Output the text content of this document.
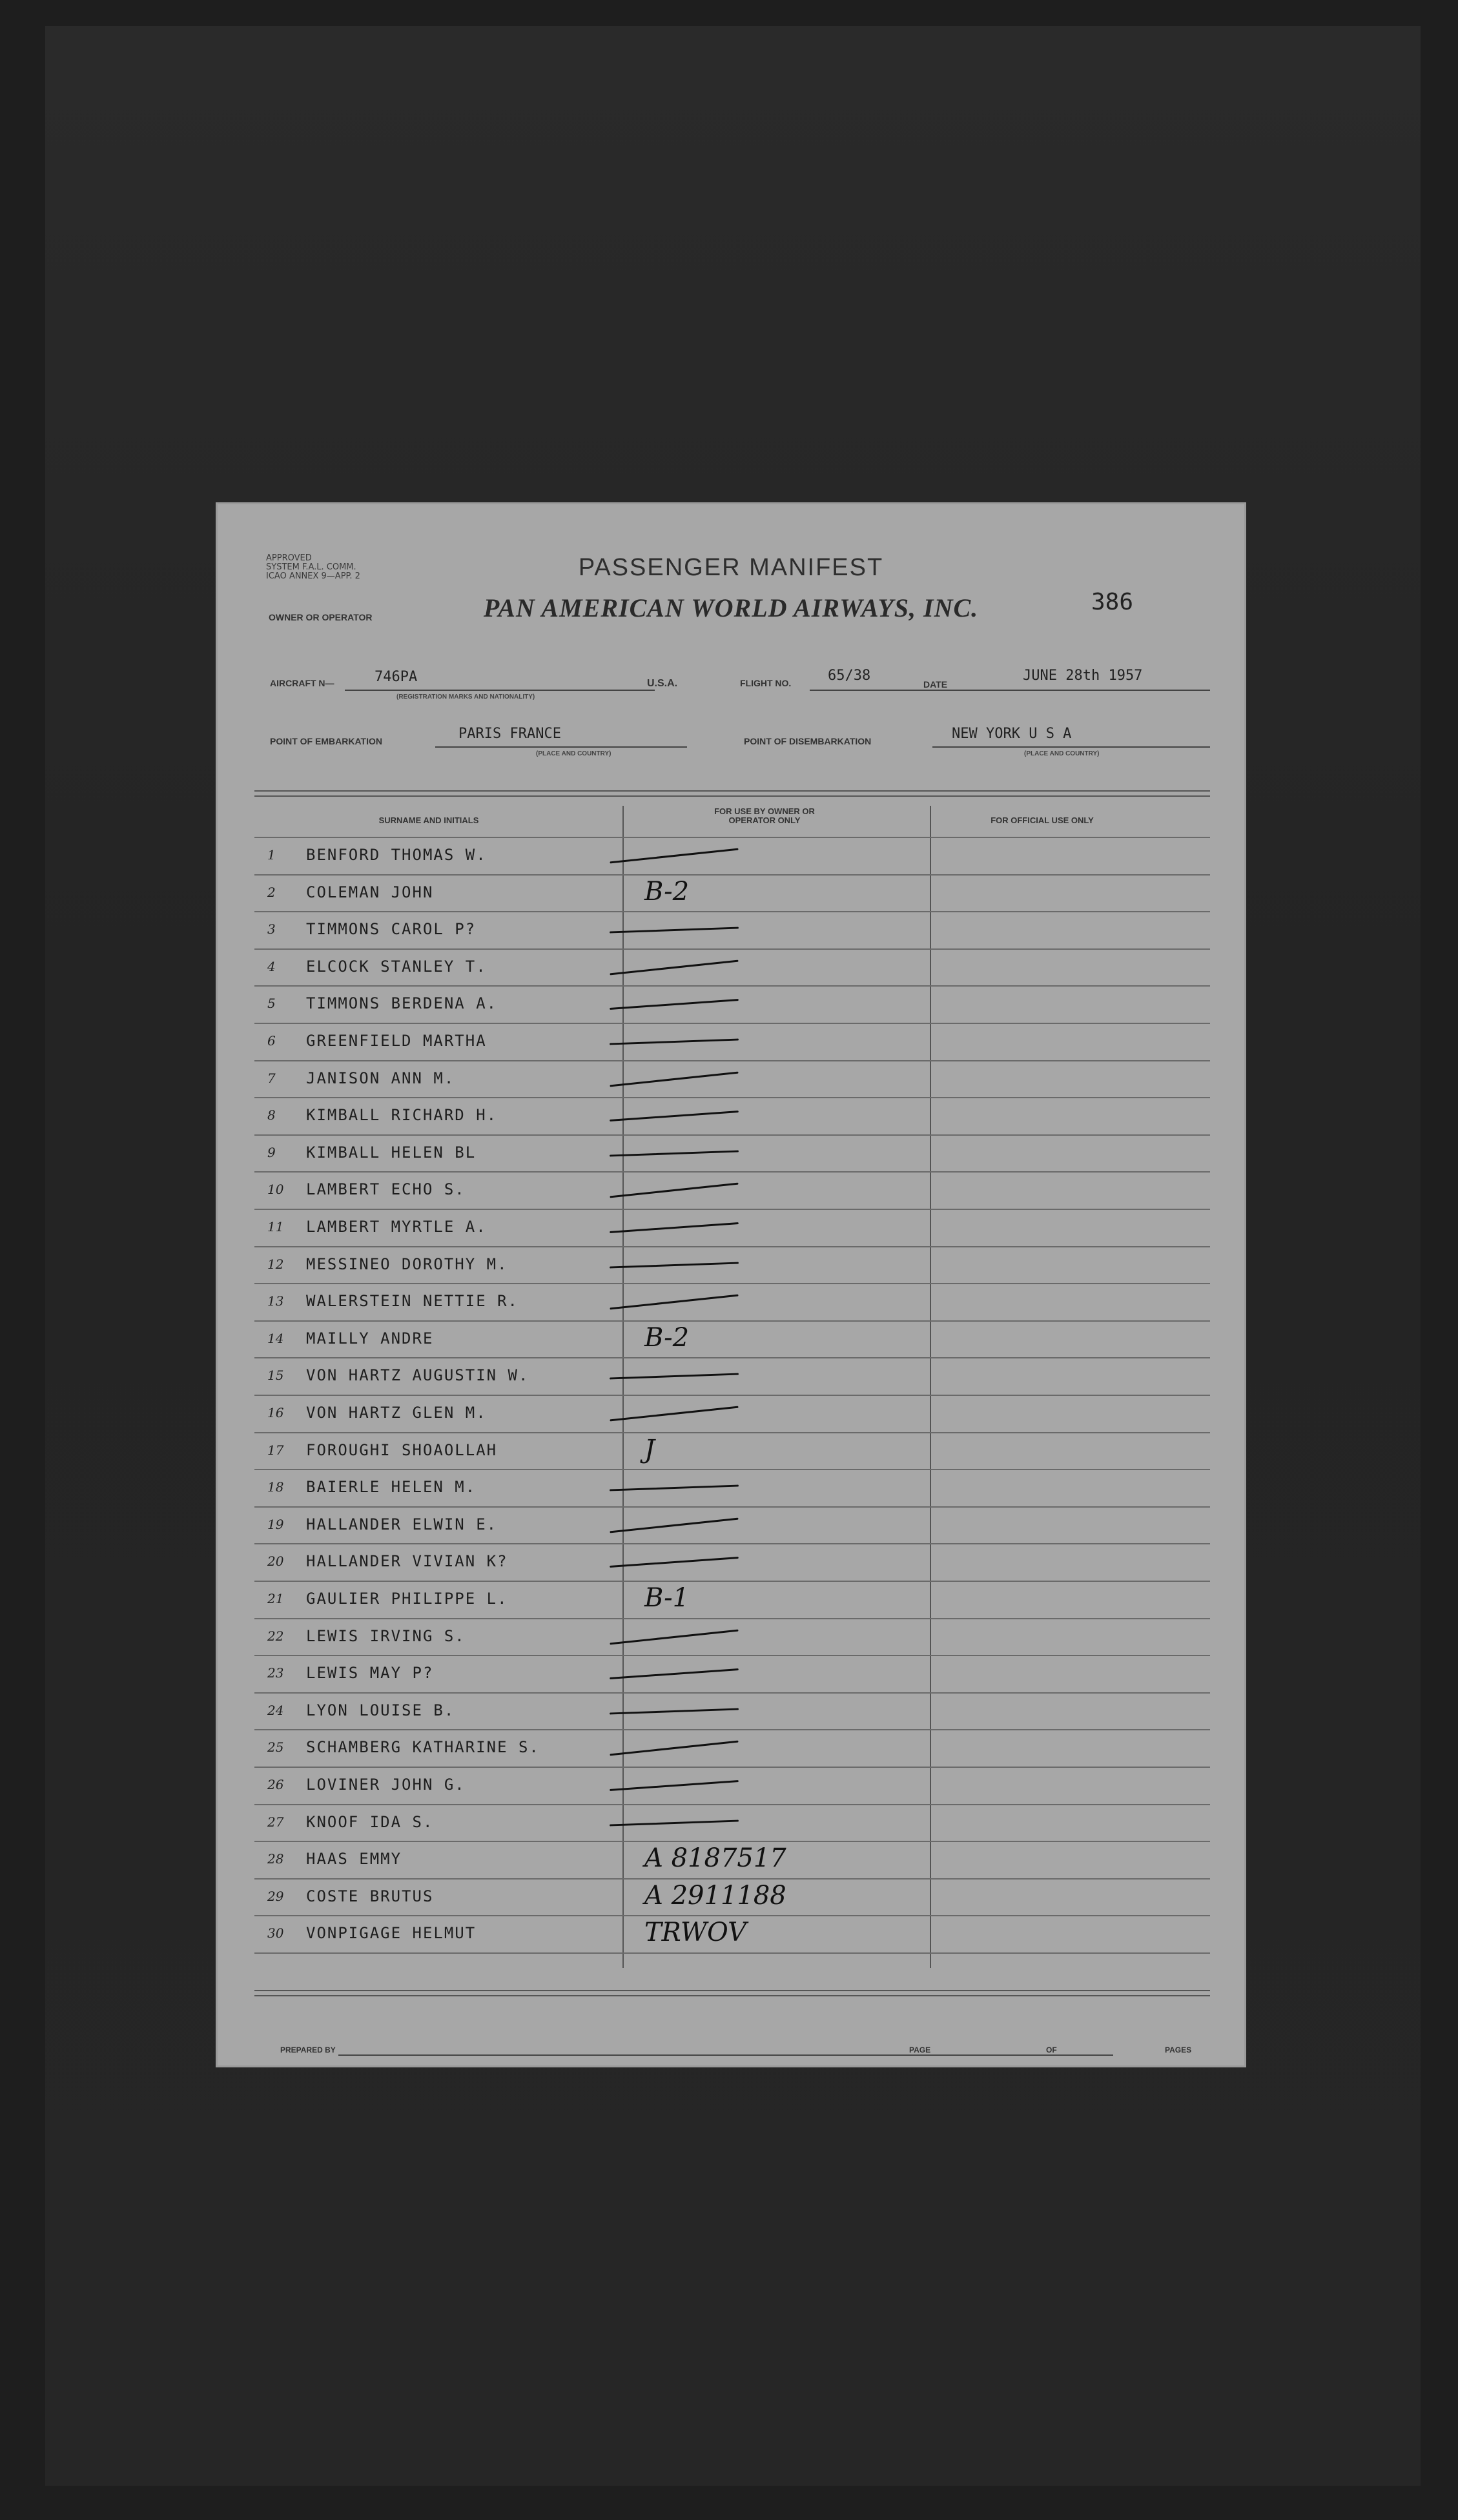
APPROVED
SYSTEM F.A.L. COMM.
ICAO ANNEX 9—APP. 2	PASSENGER MANIFEST
OWNER OR OPERATOR	PAN AMERICAN WORLD AIRWAYS, INC.	386
AIRCRAFT N—	746PA
(REGISTRATION MARKS AND NATIONALITY)
U.S.A.	FLIGHT NO.	65/38
DATE
JUNE 28th 1957
POINT OF EMBARKATION	PARIS FRANCE
(PLACE AND COUNTRY)
POINT OF DISEMBARKATION	NEW YORK U S A
(PLACE AND COUNTRY)
SURNAME AND INITIALS
FOR USE BY OWNER OR OPERATOR ONLY	FOR OFFICIAL USE ONLY
1 BENFORD THOMAS W.
2 COLEMAN JOHN	B-2
3 TIMMONS CAROL P?
4 ELCOCK STANLEY T.
5 TIMMONS BERDENA A.
6 GREENFIELD MARTHA
7 JANISON ANN M.
8 KIMBALL RICHARD H.
9 KIMBALL HELEN BL
10 LAMBERT ECHO S.
11 LAMBERT MYRTLE A.
12 MESSINEO DOROTHY M.
13 WALERSTEIN NETTIE R.
14 MAILLY ANDRE	B-2
15 VON HARTZ AUGUSTIN W.
16 VON HARTZ GLEN M.
17 FOROUGHI SHOAOLLAH	J
18 BAIERLE HELEN M.
19 HALLANDER ELWIN E.
20 HALLANDER VIVIAN K?
21 GAULIER PHILIPPE L.	B-1
22 LEWIS IRVING S.
23 LEWIS MAY P?
24 LYON LOUISE B.
25 SCHAMBERG KATHARINE S.
26 LOVINER JOHN G.
27 KNOOF IDA S.
28 HAAS EMMY	A 8187517
29 COSTE BRUTUS	A 2911188
30 VONPIGAGE HELMUT	TRWOV
PREPARED BY	PAGE	OF	PAGES
